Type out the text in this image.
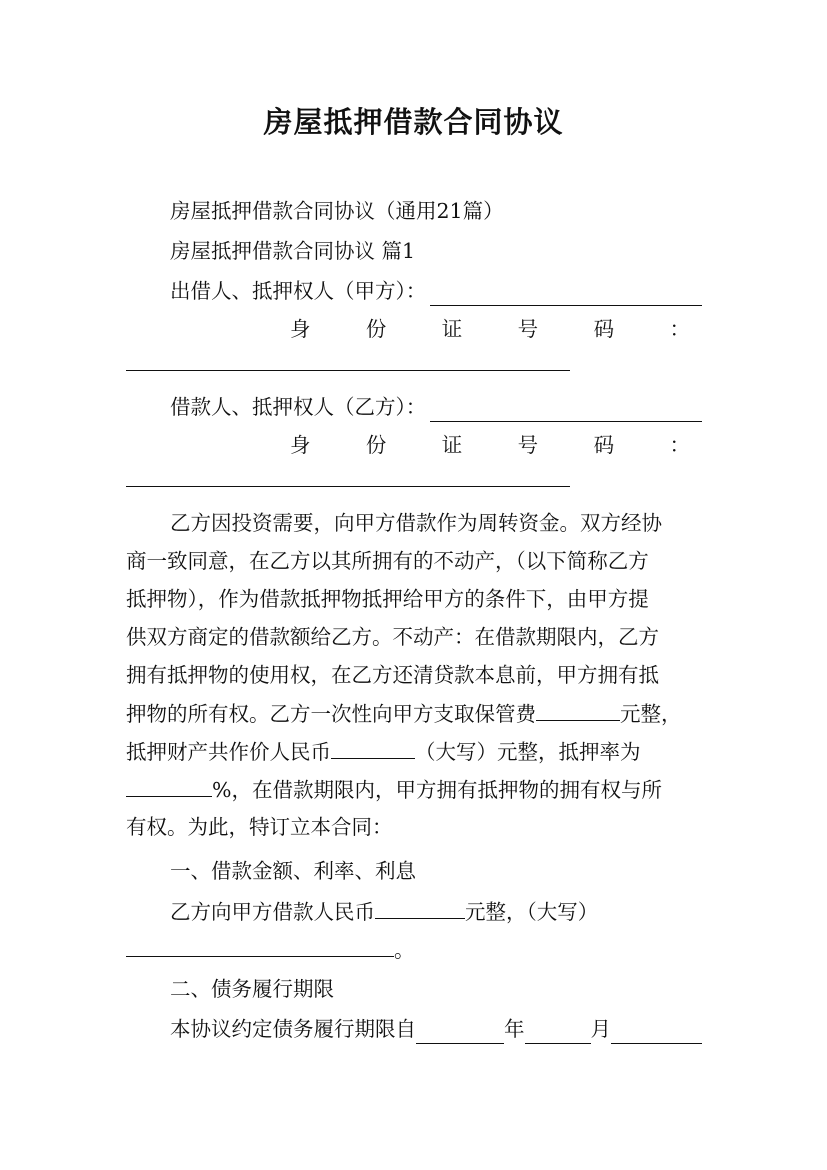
房屋抵押借款合同协议
房屋抵押借款合同协议（通用21篇）
房屋抵押借款合同协议 篇1
出借人、抵押权人（甲方）：
身	份	证	号	码	：
借款人、抵押权人（乙方）：
身	份	证	号	码	：
乙方因投资需要，向甲方借款作为周转资金。双方经协
商一致同意，在乙方以其所拥有的不动产，（以下简称乙方
抵押物），作为借款抵押物抵押给甲方的条件下，由甲方提
供双方商定的借款额给乙方。不动产：在借款期限内，乙方
拥有抵押物的使用权，在乙方还清贷款本息前，甲方拥有抵
押物的所有权。乙方一次性向甲方支取保管费	元整，
抵押财产共作价人民币	（大写）元整，抵押率为
%，在借款期限内，甲方拥有抵押物的拥有权与所
有权。为此，特订立本合同：
一、借款金额、利率、利息
乙方向甲方借款人民币	元整，（大写）
。
二、债务履行期限
本协议约定债务履行期限自	年	月
